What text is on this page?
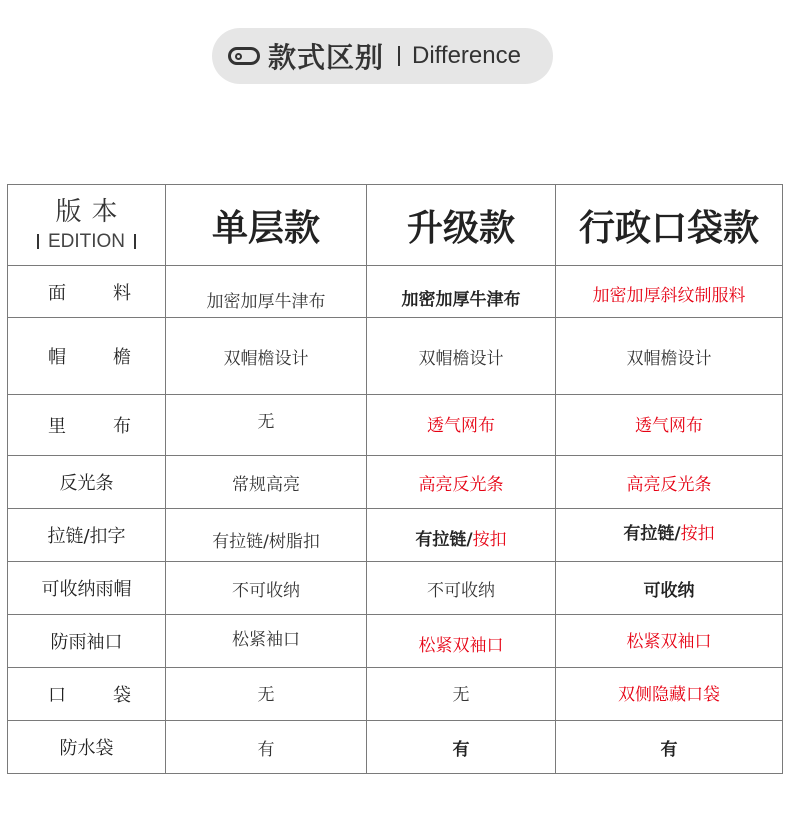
款式区别 Difference
版本
EDITION	单层款	升级款	行政口袋款

面 料	加密加厚牛津布	加密加厚牛津布	加密加厚斜纹制服料

帽 檐	双帽檐设计	双帽檐设计	双帽檐设计

里 布	无	透气网布	透气网布
反光条	常规高亮	高亮反光条	高亮反光条
拉链/扣字	有拉链/树脂扣	有拉链/按扣	有拉链/按扣
可收纳雨帽	不可收纳	不可收纳	可收纳
防雨袖口	松紧袖口	松紧双袖口	松紧双袖口

口 袋	无	无	双侧隐藏口袋
防水袋	有	有	有
